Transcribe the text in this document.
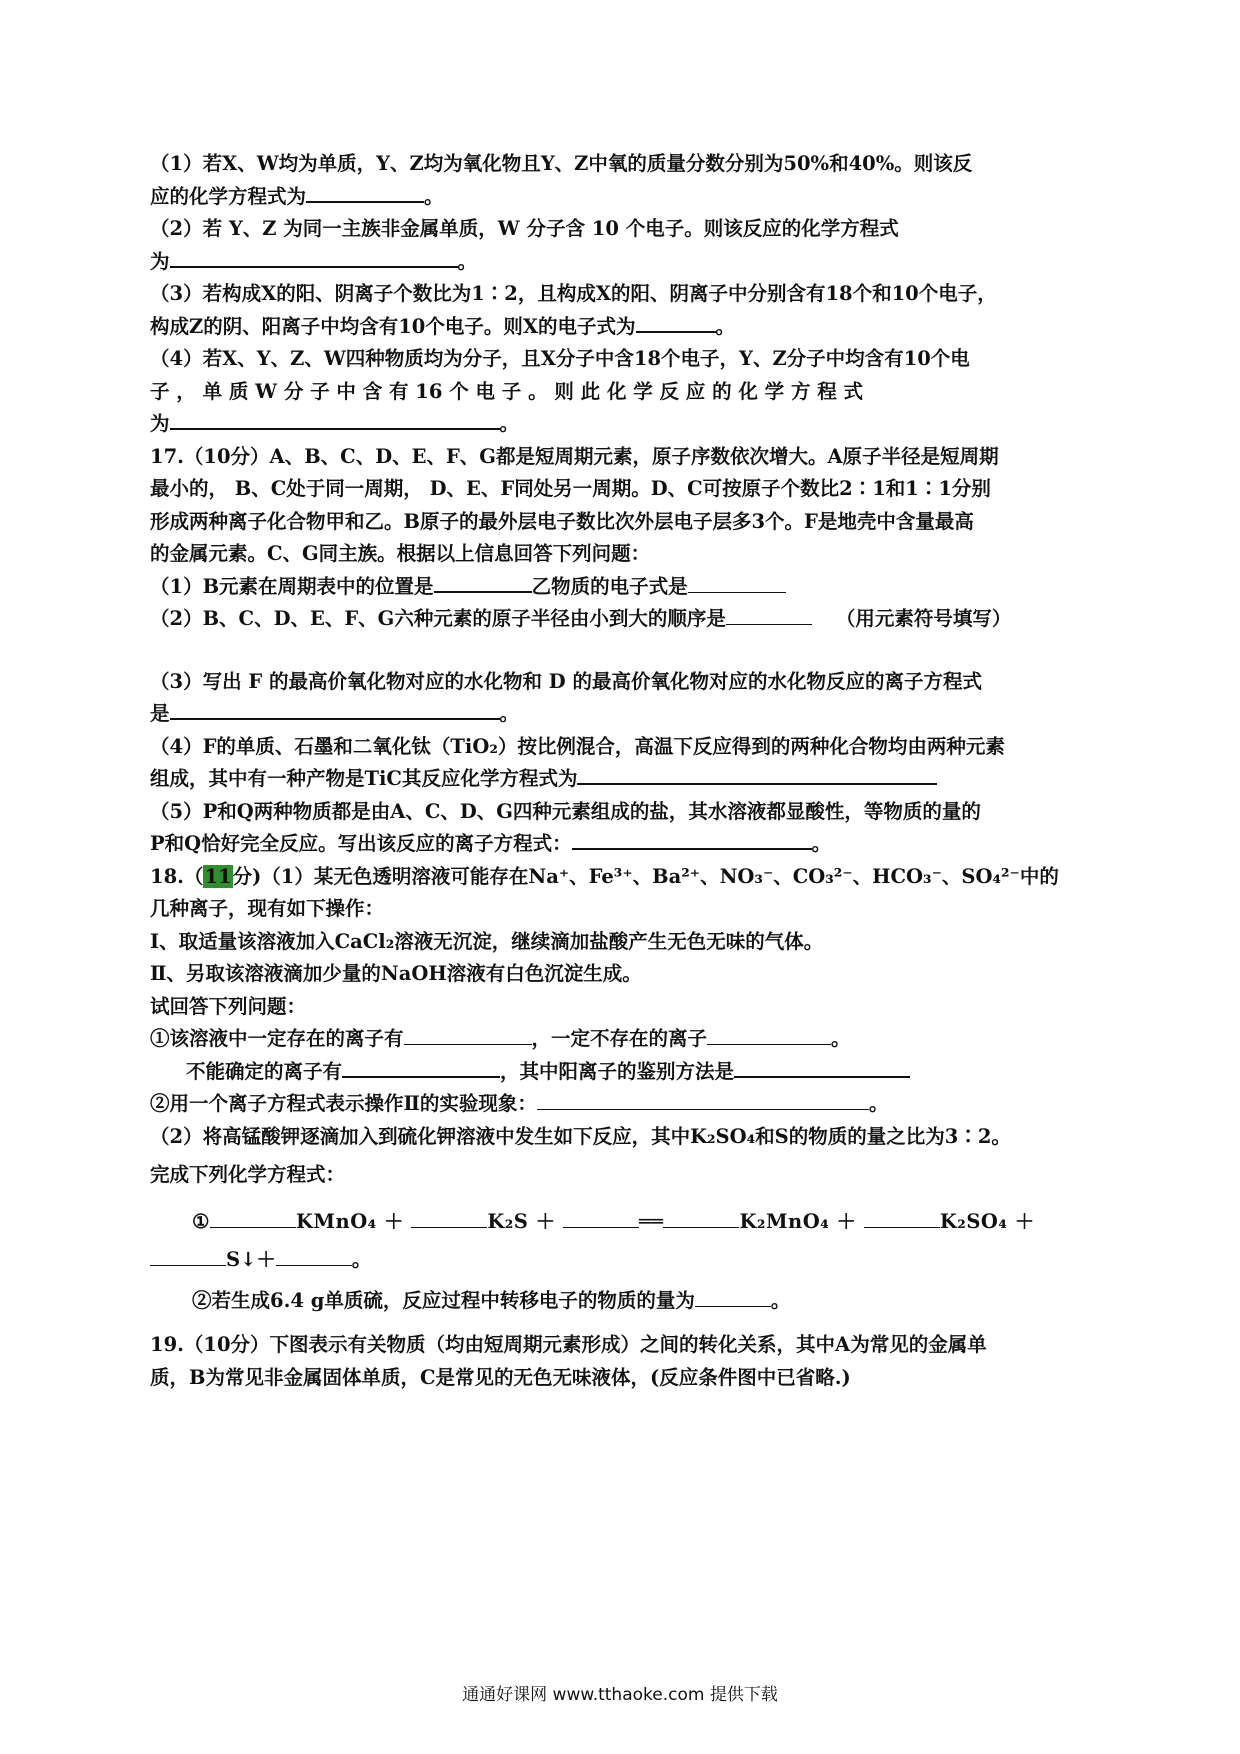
（1）若X、W均为单质，Y、Z均为氧化物且Y、Z中氧的质量分数分别为50%和40%。则该反
应的化学方程式为	。
（2）若 Y、Z 为同一主族非金属单质，W 分子含 10 个电子。则该反应的化学方程式
为	。
（3）若构成X的阳、阴离子个数比为1∶2，且构成X的阳、阴离子中分别含有18个和10个电子，
构成Z的阴、阳离子中均含有10个电子。则X的电子式为	。
（4）若X、Y、Z、W四种物质均为分子，且X分子中含18个电子，Y、Z分子中均含有10个电
子 ， 单 质 W 分 子 中 含 有 16 个 电 子 。 则 此 化 学 反 应 的 化 学 方 程 式
为	。
17.（10分）A、B、C、D、E、F、G都是短周期元素，原子序数依次增大。A原子半径是短周期
最小的， B、C处于同一周期， D、E、F同处另一周期。D、C可按原子个数比2∶1和1∶1分别
形成两种离子化合物甲和乙。B原子的最外层电子数比次外层电子层多3个。F是地壳中含量最高
的金属元素。C、G同主族。根据以上信息回答下列问题：
（1）B元素在周期表中的位置是	乙物质的电子式是
（2）B、C、D、E、F、G六种元素的原子半径由小到大的顺序是	（用元素符号填写）
（3）写出 F 的最高价氧化物对应的水化物和 D 的最高价氧化物对应的水化物反应的离子方程式
是	。
（4）F的单质、石墨和二氧化钛（TiO₂）按比例混合，高温下反应得到的两种化合物均由两种元素
组成，其中有一种产物是TiC其反应化学方程式为
（5）P和Q两种物质都是由A、C、D、G四种元素组成的盐，其水溶液都显酸性，等物质的量的
P和Q恰好完全反应。写出该反应的离子方程式：	。
18.（11分)（1）某无色透明溶液可能存在Na⁺、Fe³⁺、Ba²⁺、NO₃⁻、CO₃²⁻、HCO₃⁻、SO₄²⁻中的
几种离子，现有如下操作：
Ⅰ、取适量该溶液加入CaCl₂溶液无沉淀，继续滴加盐酸产生无色无味的气体。
Ⅱ、另取该溶液滴加少量的NaOH溶液有白色沉淀生成。
试回答下列问题：
①该溶液中一定存在的离子有	，一定不存在的离子	。
不能确定的离子有	，其中阳离子的鉴别方法是
②用一个离子方程式表示操作Ⅱ的实验现象：	。
（2）将高锰酸钾逐滴加入到硫化钾溶液中发生如下反应，其中K₂SO₄和S的物质的量之比为3∶2。
完成下列化学方程式：
①	KMnO₄ ＋	K₂S ＋	══	K₂MnO₄ ＋	K₂SO₄ ＋
S↓＋	。
②若生成6.4 g单质硫，反应过程中转移电子的物质的量为	。
19.（10分）下图表示有关物质（均由短周期元素形成）之间的转化关系，其中A为常见的金属单
质，B为常见非金属固体单质，C是常见的无色无味液体，(反应条件图中已省略.)
通通好课网 www.tthaoke.com 提供下载
